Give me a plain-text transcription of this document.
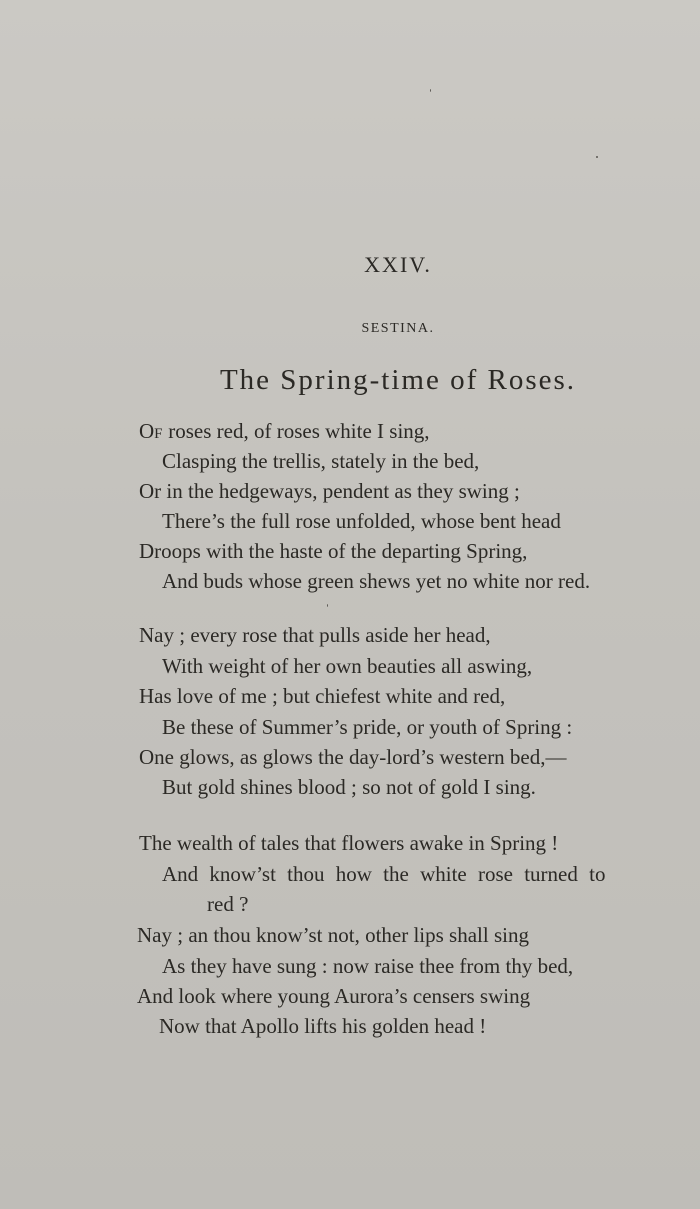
XXIV.
SESTINA.
The Spring-time of Roses.
OF roses red, of roses white I sing,
Clasping the trellis, stately in the bed,
Or in the hedgeways, pendent as they swing ;
There’s the full rose unfolded, whose bent head
Droops with the haste of the departing Spring,
And buds whose green shews yet no white nor red.
Nay ; every rose that pulls aside her head,
With weight of her own beauties all aswing,
Has love of me ; but chiefest white and red,
Be these of Summer’s pride, or youth of Spring :
One glows, as glows the day-lord’s western bed,—
But gold shines blood ; so not of gold I sing.
The wealth of tales that flowers awake in Spring !
And know’st thou how the white rose turned to
red ?
Nay ; an thou know’st not, other lips shall sing
As they have sung : now raise thee from thy bed,
And look where young Aurora’s censers swing
Now that Apollo lifts his golden head !
